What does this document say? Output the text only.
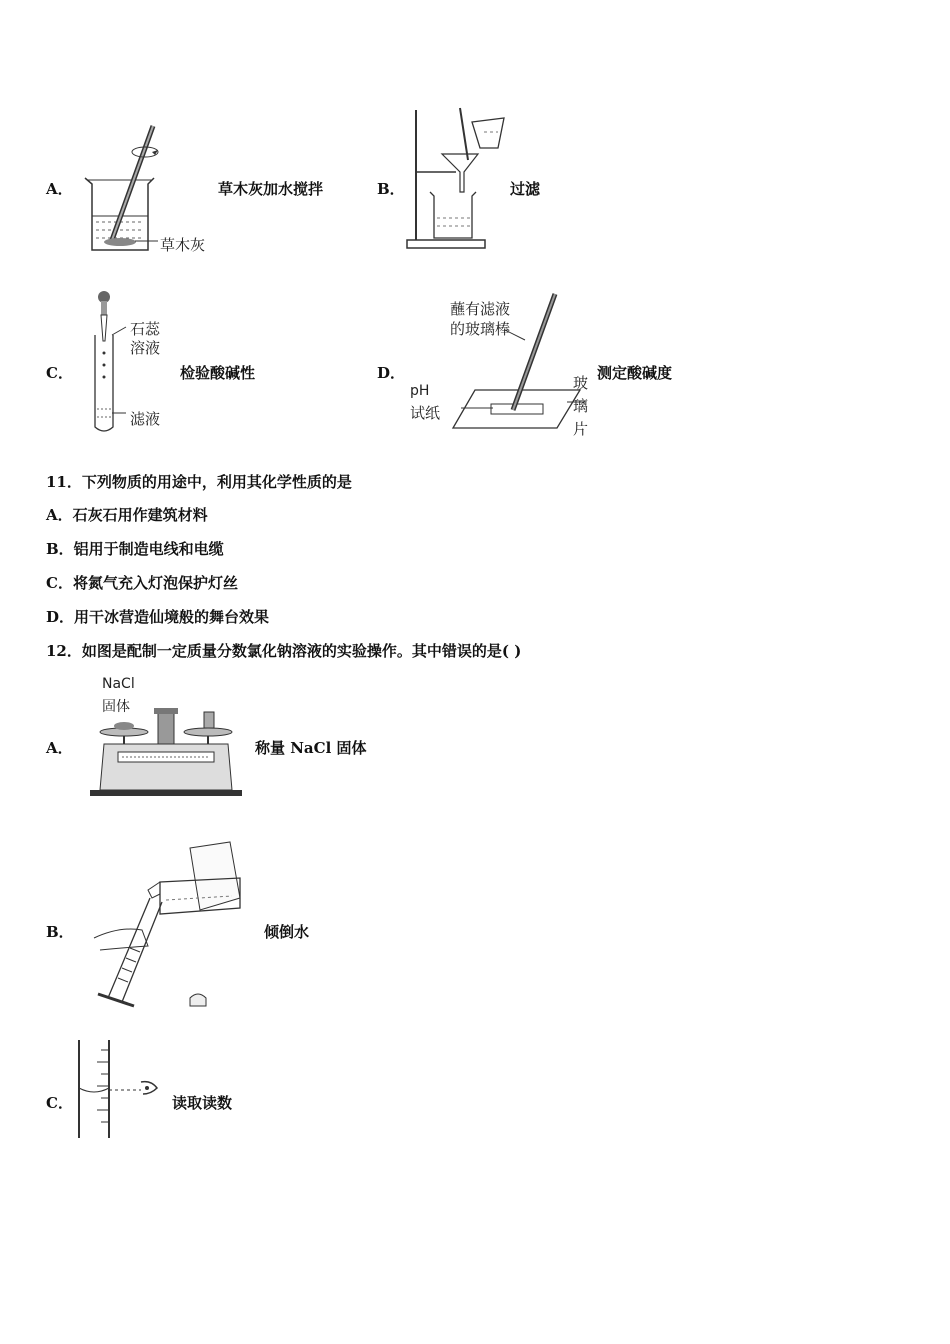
A．
草木灰
草木灰加水搅拌	B．	过滤
C．
石蕊
溶液
滤液
检验酸碱性	D．
蘸有滤液
的玻璃棒
pH
试纸
玻
璃
片
测定酸碱度
11．下列物质的用途中，利用其化学性质的是
A．石灰石用作建筑材料
B．铝用于制造电线和电缆
C．将氮气充入灯泡保护灯丝
D．用干冰营造仙境般的舞台效果
12．如图是配制一定质量分数氯化钠溶液的实验操作。其中错误的是( )
A．
NaCl
固体
称量 NaCl 固体
B．	倾倒水
C．	读取读数
